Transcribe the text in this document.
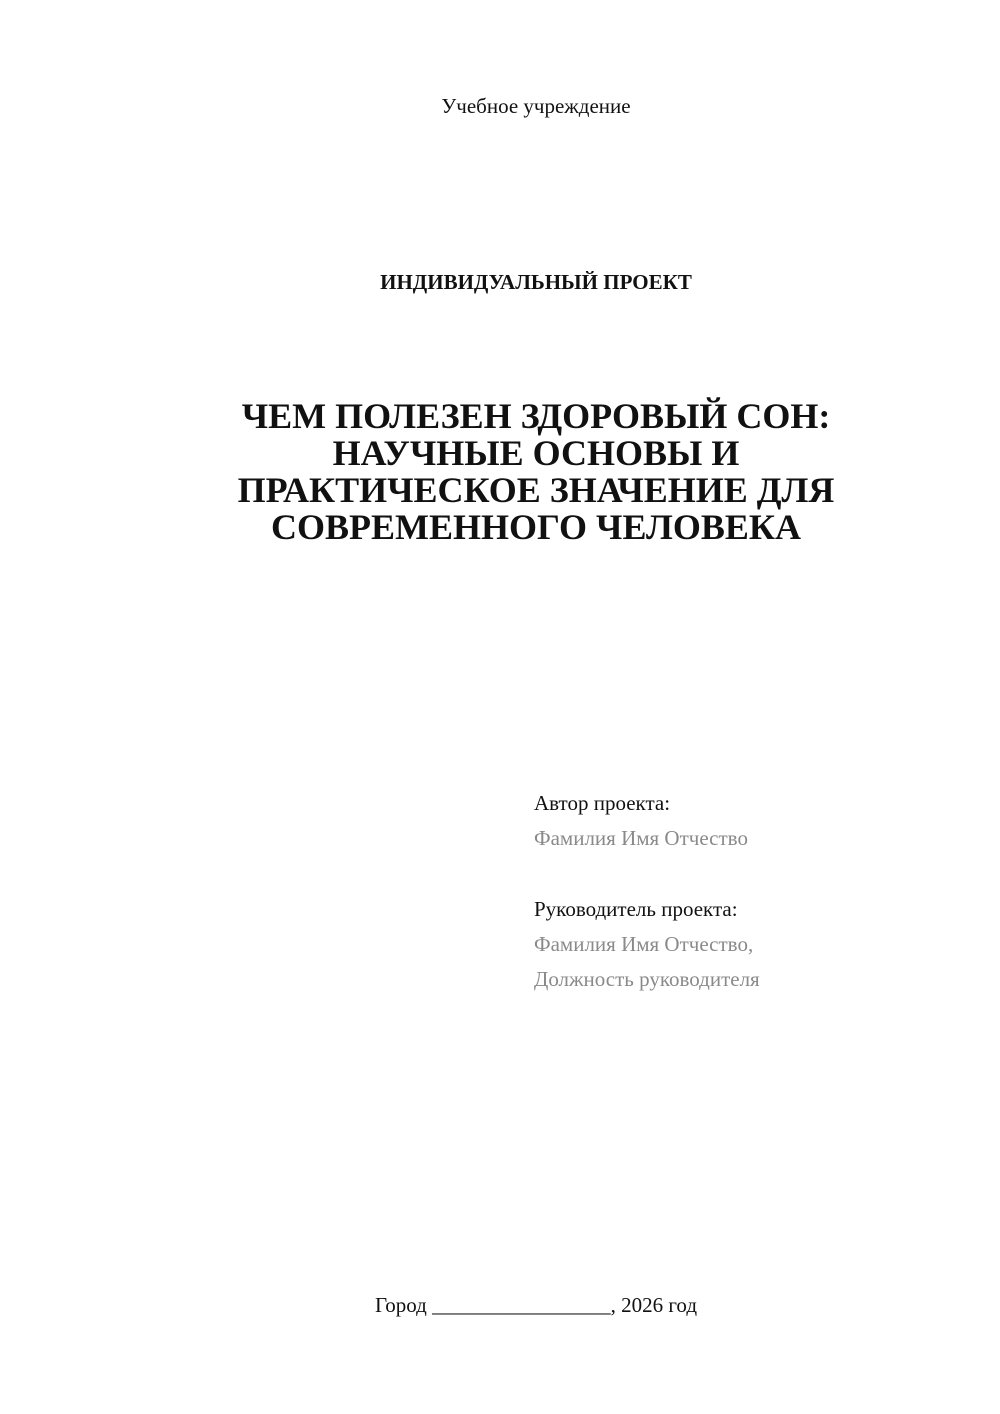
Учебное учреждение
ИНДИВИДУАЛЬНЫЙ ПРОЕКТ
ЧЕМ ПОЛЕЗЕН ЗДОРОВЫЙ СОН:
НАУЧНЫЕ ОСНОВЫ И
ПРАКТИЧЕСКОЕ ЗНАЧЕНИЕ ДЛЯ
СОВРЕМЕННОГО ЧЕЛОВЕКА
Автор проекта:
Фамилия Имя Отчество
Руководитель проекта:
Фамилия Имя Отчество,
Должность руководителя
Город _________________, 2026 год
